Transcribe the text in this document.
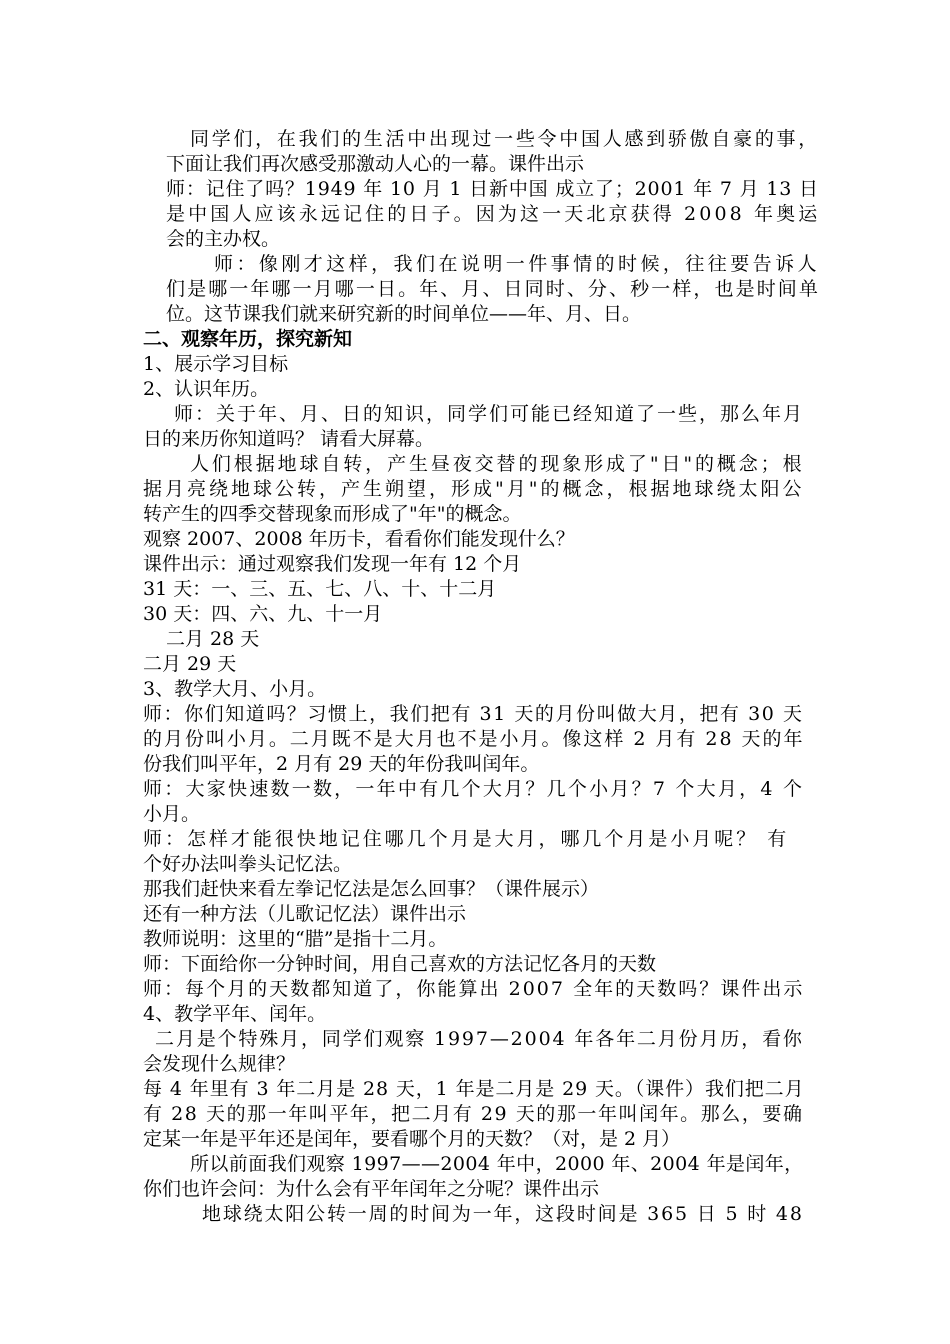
同学们，在我们的生活中出现过一些令中国人感到骄傲自豪的事，
下面让我们再次感受那激动人心的一幕。课件出示
师：记住了吗？1949 年 10 月 1 日新中国 成立了；2001 年 7 月 13 日
是中国人应该永远记住的日子。因为这一天北京获得 2008 年奥运
会的主办权。
师：像刚才这样，我们在说明一件事情的时候，往往要告诉人
们是哪一年哪一月哪一日。年、月、日同时、分、秒一样，也是时间单
位。这节课我们就来研究新的时间单位——年、月、日。
二、观察年历，探究新知
1、展示学习目标
2、认识年历。
师：关于年、月、日的知识，同学们可能已经知道了一些，那么年月
日的来历你知道吗？ 请看大屏幕。
人们根据地球自转，产生昼夜交替的现象形成了"日"的概念；根
据月亮绕地球公转，产生朔望，形成"月"的概念，根据地球绕太阳公
转产生的四季交替现象而形成了"年"的概念。
观察 2007、2008 年历卡，看看你们能发现什么？
课件出示：通过观察我们发现一年有 12 个月
31 天：一、三、五、七、八、十、十二月
30 天：四、六、九、十一月
二月 28 天
二月 29 天
3、教学大月、小月。
师：你们知道吗？习惯上，我们把有 31 天的月份叫做大月，把有 30 天
的月份叫小月。二月既不是大月也不是小月。像这样 2 月有 28 天的年
份我们叫平年，2 月有 29 天的年份我叫闰年。
师：大家快速数一数，一年中有几个大月？几个小月？7 个大月，4 个
小月。
师：怎样才能很快地记住哪几个月是大月，哪几个月是小月呢？ 有
个好办法叫拳头记忆法。
那我们赶快来看左拳记忆法是怎么回事？（课件展示）
还有一种方法（儿歌记忆法）课件出示
教师说明：这里的“腊”是指十二月。
师：下面给你一分钟时间，用自己喜欢的方法记忆各月的天数
师：每个月的天数都知道了，你能算出 2007 全年的天数吗？课件出示
4、教学平年、闰年。
二月是个特殊月，同学们观察 1997—2004 年各年二月份月历，看你
会发现什么规律？
每 4 年里有 3 年二月是 28 天，1 年是二月是 29 天。（课件）我们把二月
有 28 天的那一年叫平年，把二月有 29 天的那一年叫闰年。那么，要确
定某一年是平年还是闰年，要看哪个月的天数？（对，是 2 月）
所以前面我们观察 1997——2004 年中，2000 年、2004 年是闰年，
你们也许会问：为什么会有平年闰年之分呢？课件出示
地球绕太阳公转一周的时间为一年，这段时间是 365 日 5 时 48
